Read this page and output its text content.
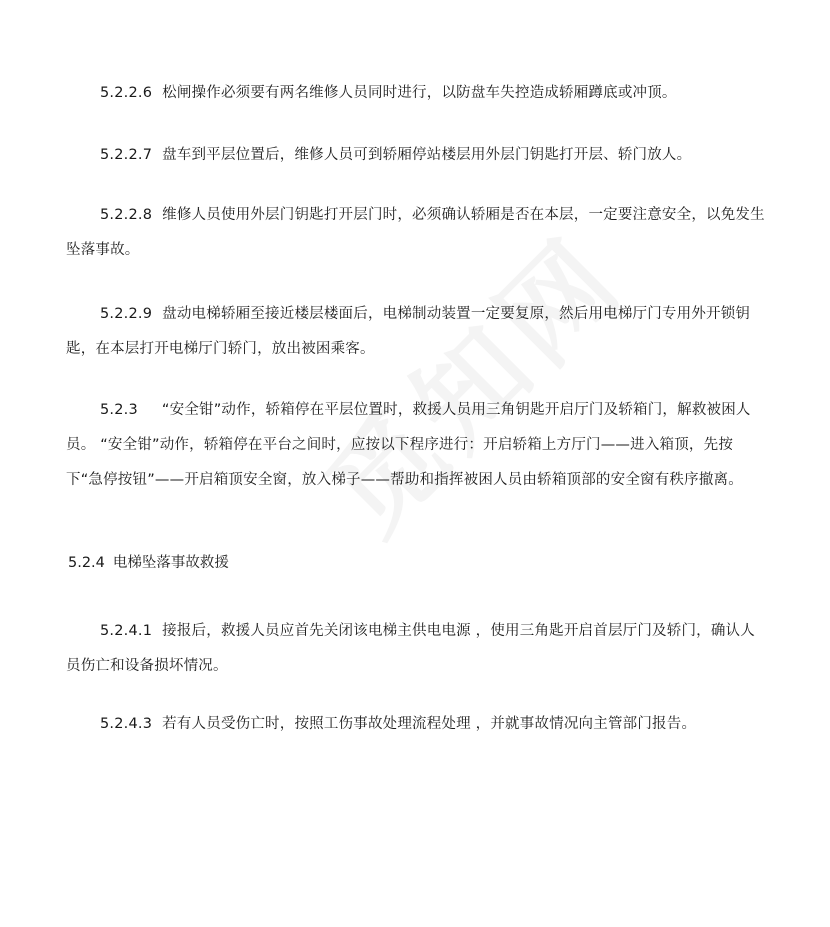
5.2.2.6 松闸操作必须要有两名维修人员同时进行，以防盘车失控造成轿厢蹲底或冲顶。

5.2.2.7 盘车到平层位置后，维修人员可到轿厢停站楼层用外层门钥匙打开层、轿门放人。

5.2.2.8 维修人员使用外层门钥匙打开层门时，必须确认轿厢是否在本层，一定要注意安全，以免发生坠落事故。

5.2.2.9 盘动电梯轿厢至接近楼层楼面后，电梯制动装置一定要复原，然后用电梯厅门专用外开锁钥匙，在本层打开电梯厅门轿门，放出被困乘客。

5.2.3 “安全钳”动作，轿箱停在平层位置时，救援人员用三角钥匙开启厅门及轿箱门，解救被困人员。 “安全钳”动作，轿箱停在平台之间时，应按以下程序进行：开启轿箱上方厅门——进入箱顶，先按下“急停按钮”——开启箱顶安全窗，放入梯子——帮助和指挥被困人员由轿箱顶部的安全窗有秩序撤离。

5.2.4 电梯坠落事故救援

5.2.4.1 接报后，救援人员应首先关闭该电梯主供电电源 ，使用三角匙开启首层厅门及轿门，确认人员伤亡和设备损坏情况。

5.2.4.3 若有人员受伤亡时，按照工伤事故处理流程处理 ，并就事故情况向主管部门报告。
